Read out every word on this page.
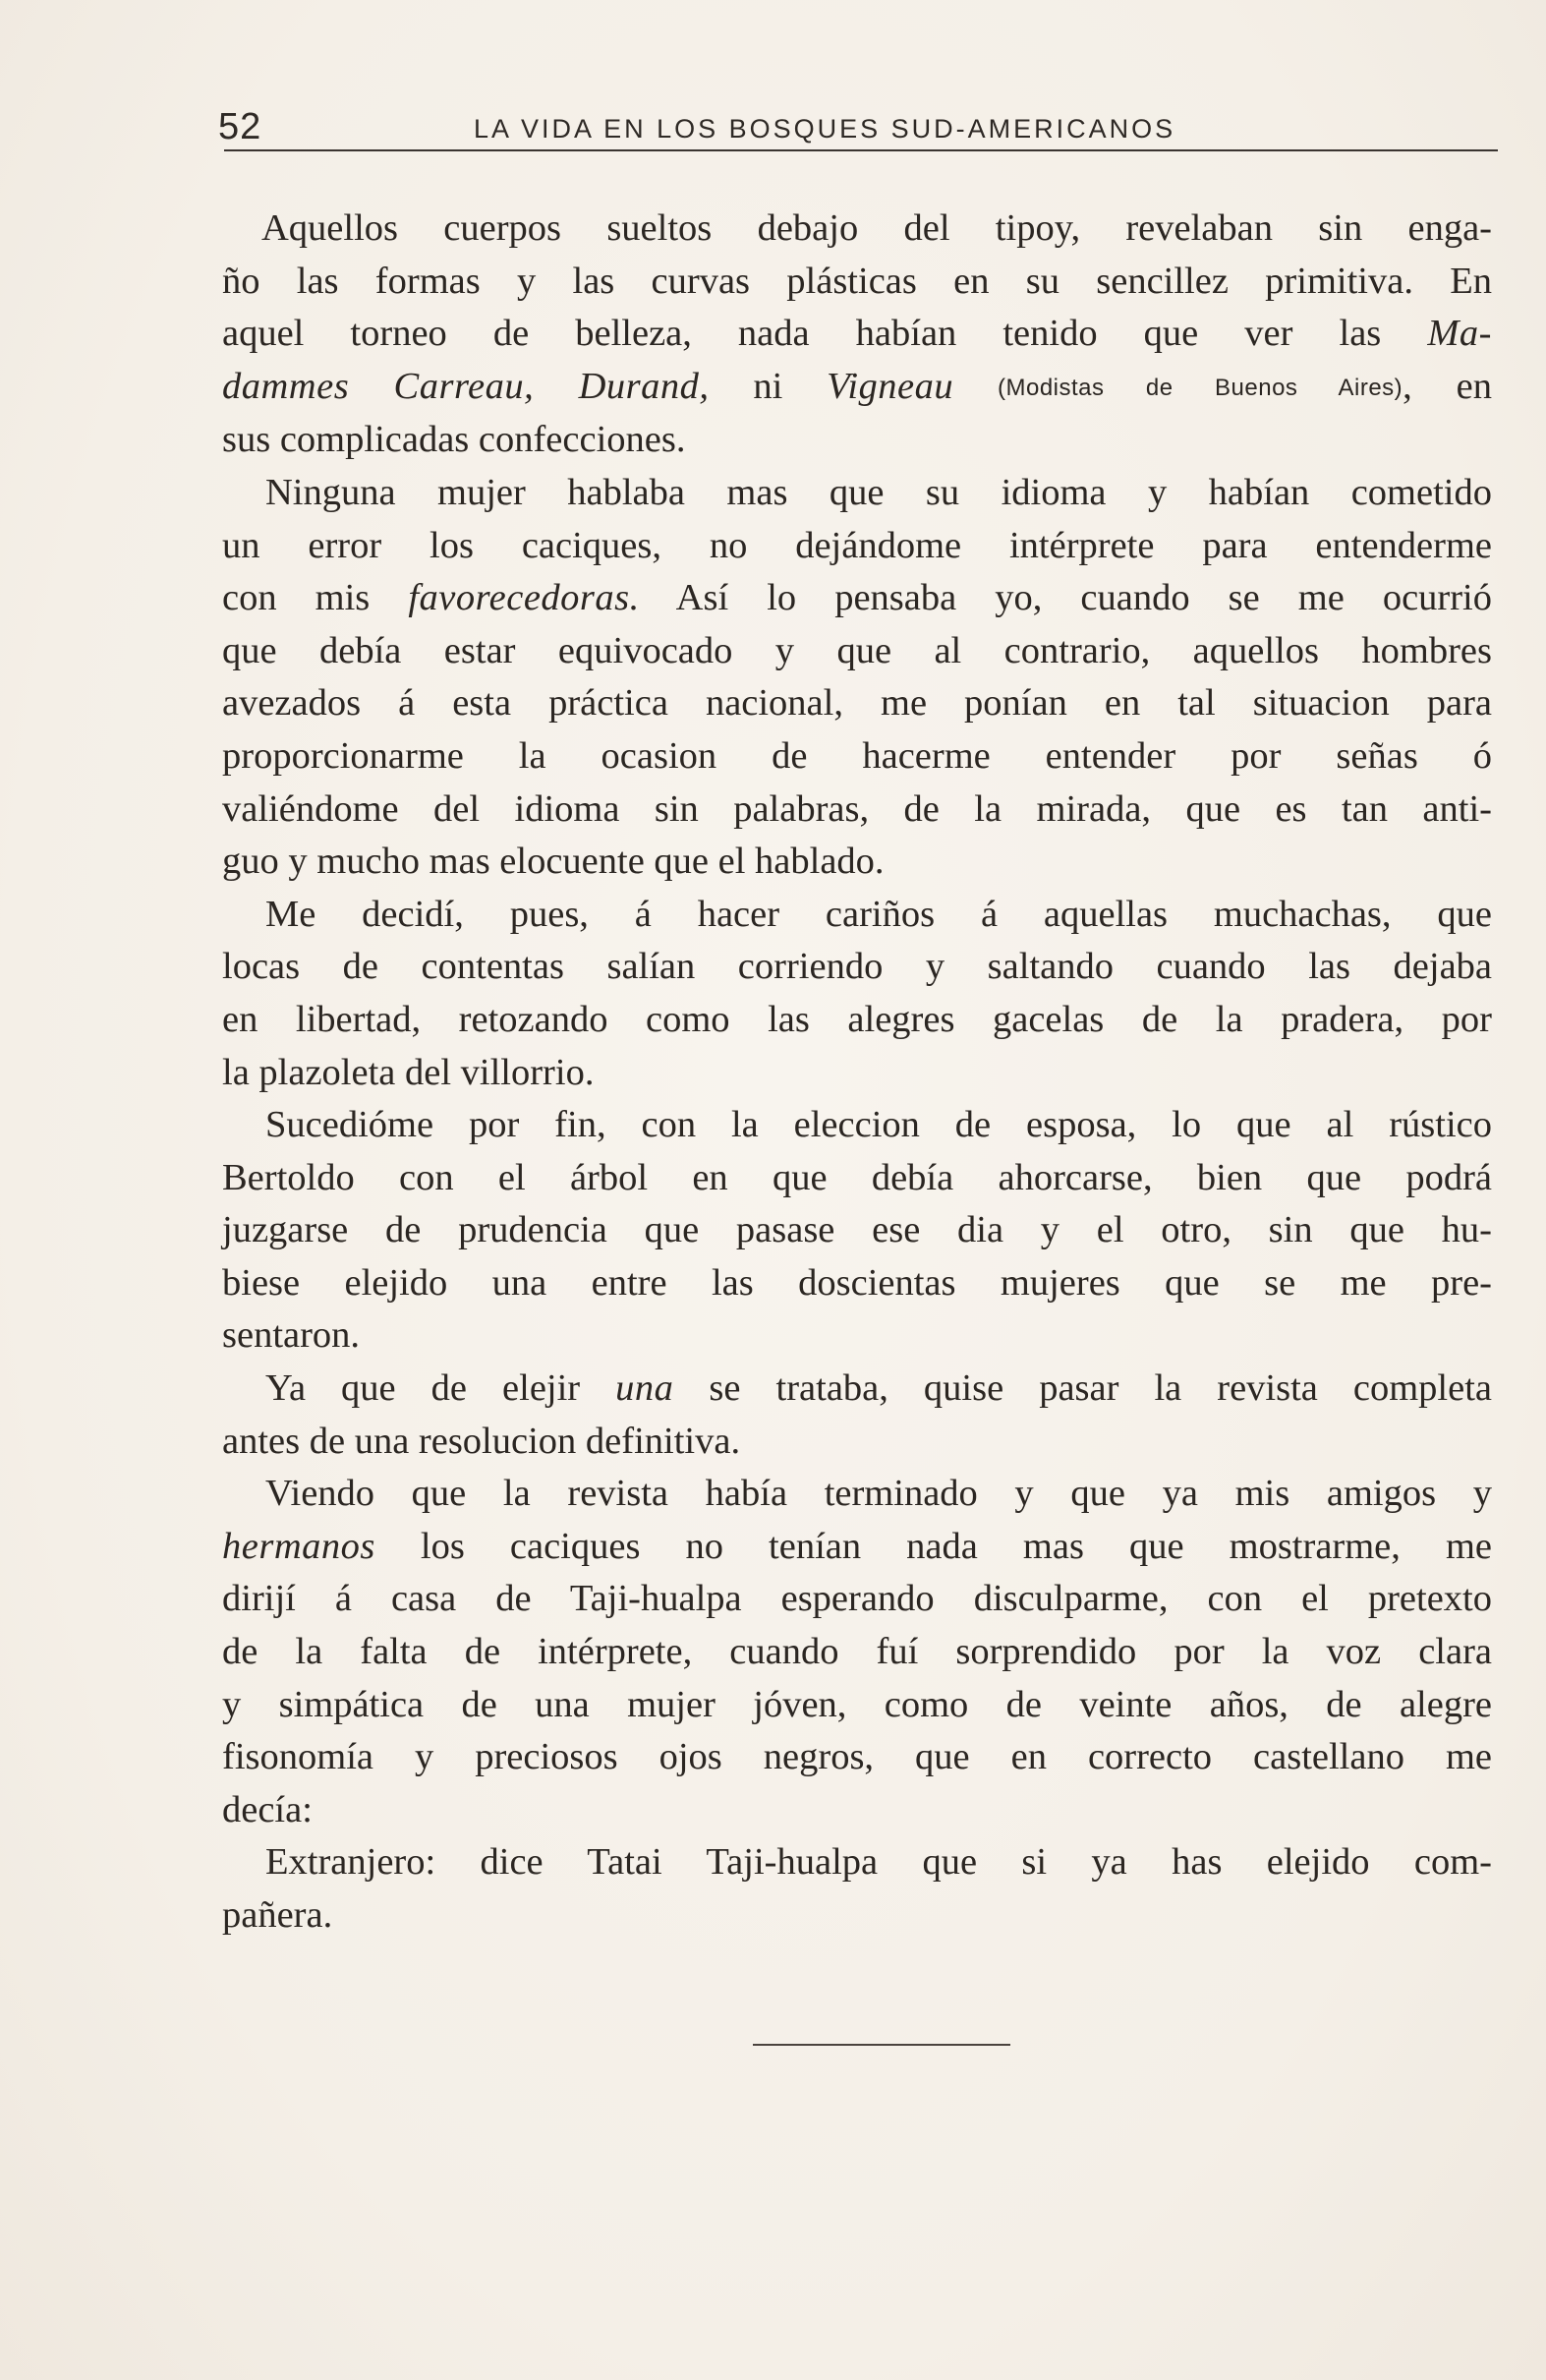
52	LA VIDA EN LOS BOSQUES SUD-AMERICANOS
Aquellos cuerpos sueltos debajo del tipoy, revelaban sin enga-
ño las formas y las curvas plásticas en su sencillez primitiva. En
aquel torneo de belleza, nada habían tenido que ver las Ma-
dammes Carreau, Durand, ni Vigneau (Modistas de Buenos Aires), en
sus complicadas confecciones.
Ninguna mujer hablaba mas que su idioma y habían cometido
un error los caciques, no dejándome intérprete para entenderme
con mis favorecedoras. Así lo pensaba yo, cuando se me ocurrió
que debía estar equivocado y que al contrario, aquellos hombres
avezados á esta práctica nacional, me ponían en tal situacion para
proporcionarme la ocasion de hacerme entender por señas ó
valiéndome del idioma sin palabras, de la mirada, que es tan anti-
guo y mucho mas elocuente que el hablado.
Me decidí, pues, á hacer cariños á aquellas muchachas, que
locas de contentas salían corriendo y saltando cuando las dejaba
en libertad, retozando como las alegres gacelas de la pradera, por
la plazoleta del villorrio.
Sucedióme por fin, con la eleccion de esposa, lo que al rústico
Bertoldo con el árbol en que debía ahorcarse, bien que podrá
juzgarse de prudencia que pasase ese dia y el otro, sin que hu-
biese elejido una entre las doscientas mujeres que se me pre-
sentaron.
Ya que de elejir una se trataba, quise pasar la revista completa
antes de una resolucion definitiva.
Viendo que la revista había terminado y que ya mis amigos y
hermanos los caciques no tenían nada mas que mostrarme, me
dirijí á casa de Taji-hualpa esperando disculparme, con el pretexto
de la falta de intérprete, cuando fuí sorprendido por la voz clara
y simpática de una mujer jóven, como de veinte años, de alegre
fisonomía y preciosos ojos negros, que en correcto castellano me
decía:
Extranjero: dice Tatai Taji-hualpa que si ya has elejido com-
pañera.
